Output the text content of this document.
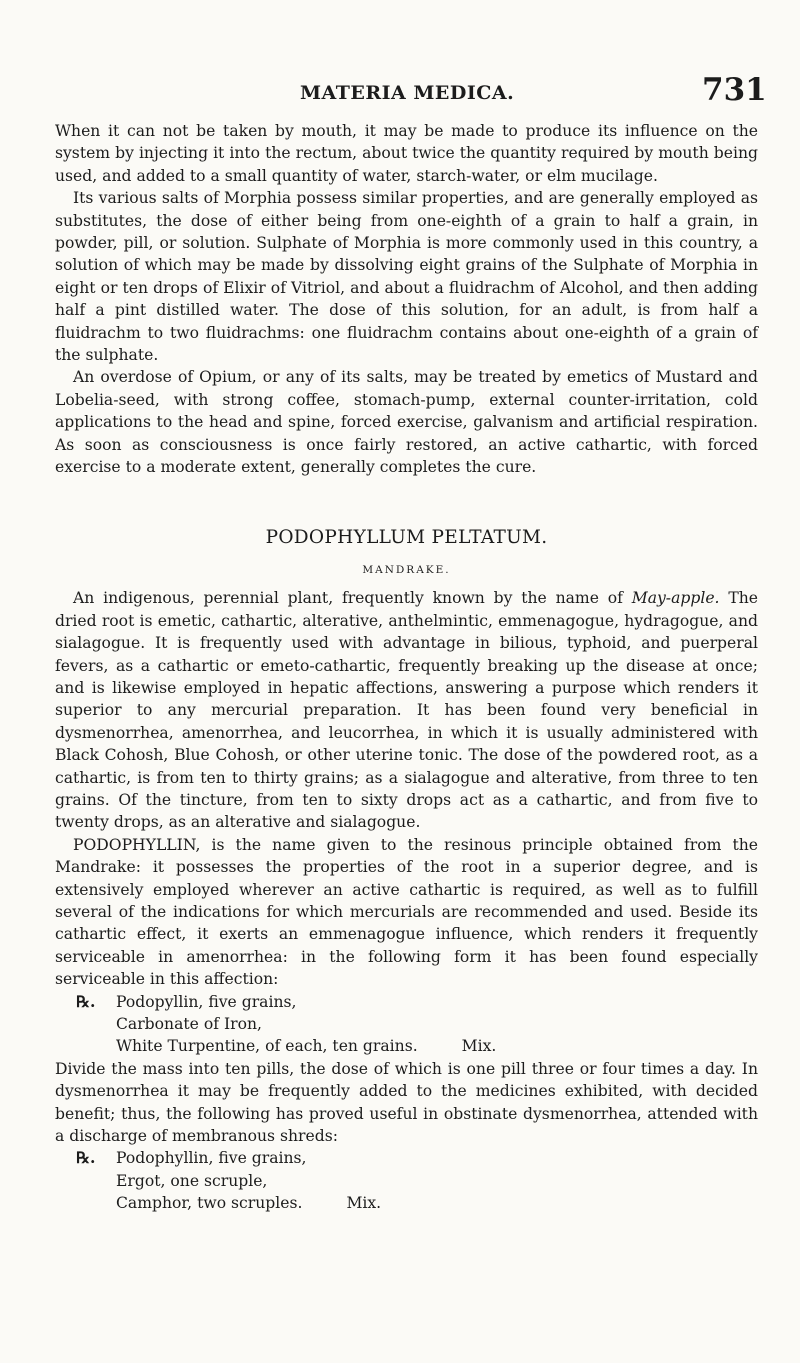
MATERIA MEDICA.	731

When it can not be taken by mouth, it may be made to produce its influence on the system by injecting it into the rectum, about twice the quantity required by mouth being used, and added to a small quantity of water, starch-water, or elm mucilage.

Its various salts of Morphia possess similar properties, and are generally employed as substitutes, the dose of either being from one-eighth of a grain to half a grain, in powder, pill, or solution. Sulphate of Morphia is more commonly used in this country, a solution of which may be made by dissolving eight grains of the Sulphate of Morphia in eight or ten drops of Elixir of Vitriol, and about a fluidrachm of Alcohol, and then adding half a pint distilled water. The dose of this solution, for an adult, is from half a fluidrachm to two fluidrachms: one fluidrachm contains about one-eighth of a grain of the sulphate.

An overdose of Opium, or any of its salts, may be treated by emetics of Mustard and Lobelia-seed, with strong coffee, stomach-pump, external counter-irritation, cold applications to the head and spine, forced exercise, galvanism and artificial respiration. As soon as consciousness is once fairly restored, an active cathartic, with forced exercise to a moderate extent, generally completes the cure.

PODOPHYLLUM PELTATUM.
MANDRAKE.

An indigenous, perennial plant, frequently known by the name of May-apple. The dried root is emetic, cathartic, alterative, anthelmintic, emmenagogue, hydragogue, and sialagogue. It is frequently used with advantage in bilious, typhoid, and puerperal fevers, as a cathartic or emeto-cathartic, frequently breaking up the disease at once; and is likewise employed in hepatic affections, answering a purpose which renders it superior to any mercurial preparation. It has been found very beneficial in dysmenorrhea, amenorrhea, and leucorrhea, in which it is usually administered with Black Cohosh, Blue Cohosh, or other uterine tonic. The dose of the powdered root, as a cathartic, is from ten to thirty grains; as a sialagogue and alterative, from three to ten grains. Of the tincture, from ten to sixty drops act as a cathartic, and from five to twenty drops, as an alterative and sialagogue.

PODOPHYLLIN, is the name given to the resinous principle obtained from the Mandrake: it possesses the properties of the root in a superior degree, and is extensively employed wherever an active cathartic is required, as well as to fulfill several of the indications for which mercurials are recommended and used. Beside its cathartic effect, it exerts an emmenagogue influence, which renders it frequently serviceable in amenorrhea: in the following form it has been found especially serviceable in this affection:

℞.	Podopyllin, five grains,
Carbonate of Iron,
White Turpentine, of each, ten grains.	Mix.

Divide the mass into ten pills, the dose of which is one pill three or four times a day. In dysmenorrhea it may be frequently added to the medicines exhibited, with decided benefit; thus, the following has proved useful in obstinate dysmenorrhea, attended with a discharge of membranous shreds:

℞.	Podophyllin, five grains,
Ergot, one scruple,
Camphor, two scruples.	Mix.
